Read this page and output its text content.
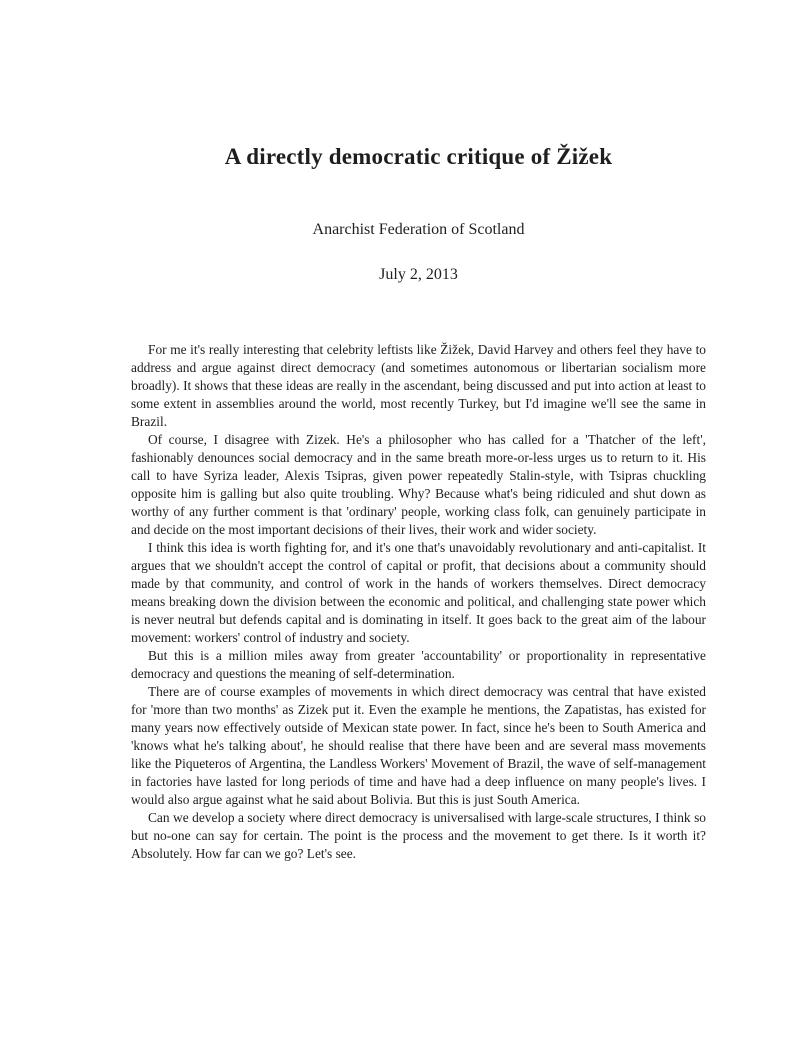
A directly democratic critique of Žižek
Anarchist Federation of Scotland
July 2, 2013

For me it's really interesting that celebrity leftists like Žižek, David Harvey and others feel they have to address and argue against direct democracy (and sometimes autonomous or libertarian socialism more broadly). It shows that these ideas are really in the ascendant, being discussed and put into action at least to some extent in assemblies around the world, most recently Turkey, but I'd imagine we'll see the same in Brazil.

Of course, I disagree with Zizek. He's a philosopher who has called for a 'Thatcher of the left', fashionably denounces social democracy and in the same breath more-or-less urges us to return to it. His call to have Syriza leader, Alexis Tsipras, given power repeatedly Stalin-style, with Tsipras chuckling opposite him is galling but also quite troubling. Why? Because what's being ridiculed and shut down as worthy of any further comment is that 'ordinary' people, working class folk, can genuinely participate in and decide on the most important decisions of their lives, their work and wider society.

I think this idea is worth fighting for, and it's one that's unavoidably revolutionary and anti-capitalist. It argues that we shouldn't accept the control of capital or profit, that decisions about a community should made by that community, and control of work in the hands of workers themselves. Direct democracy means breaking down the division between the economic and political, and challenging state power which is never neutral but defends capital and is dominating in itself. It goes back to the great aim of the labour movement: workers' control of industry and society.

But this is a million miles away from greater 'accountability' or proportionality in representative democracy and questions the meaning of self-determination.

There are of course examples of movements in which direct democracy was central that have existed for 'more than two months' as Zizek put it. Even the example he mentions, the Zapatistas, has existed for many years now effectively outside of Mexican state power. In fact, since he's been to South America and 'knows what he's talking about', he should realise that there have been and are several mass movements like the Piqueteros of Argentina, the Landless Workers' Movement of Brazil, the wave of self-management in factories have lasted for long periods of time and have had a deep influence on many people's lives. I would also argue against what he said about Bolivia. But this is just South America.

Can we develop a society where direct democracy is universalised with large-scale structures, I think so but no-one can say for certain. The point is the process and the movement to get there. Is it worth it? Absolutely. How far can we go? Let's see.
